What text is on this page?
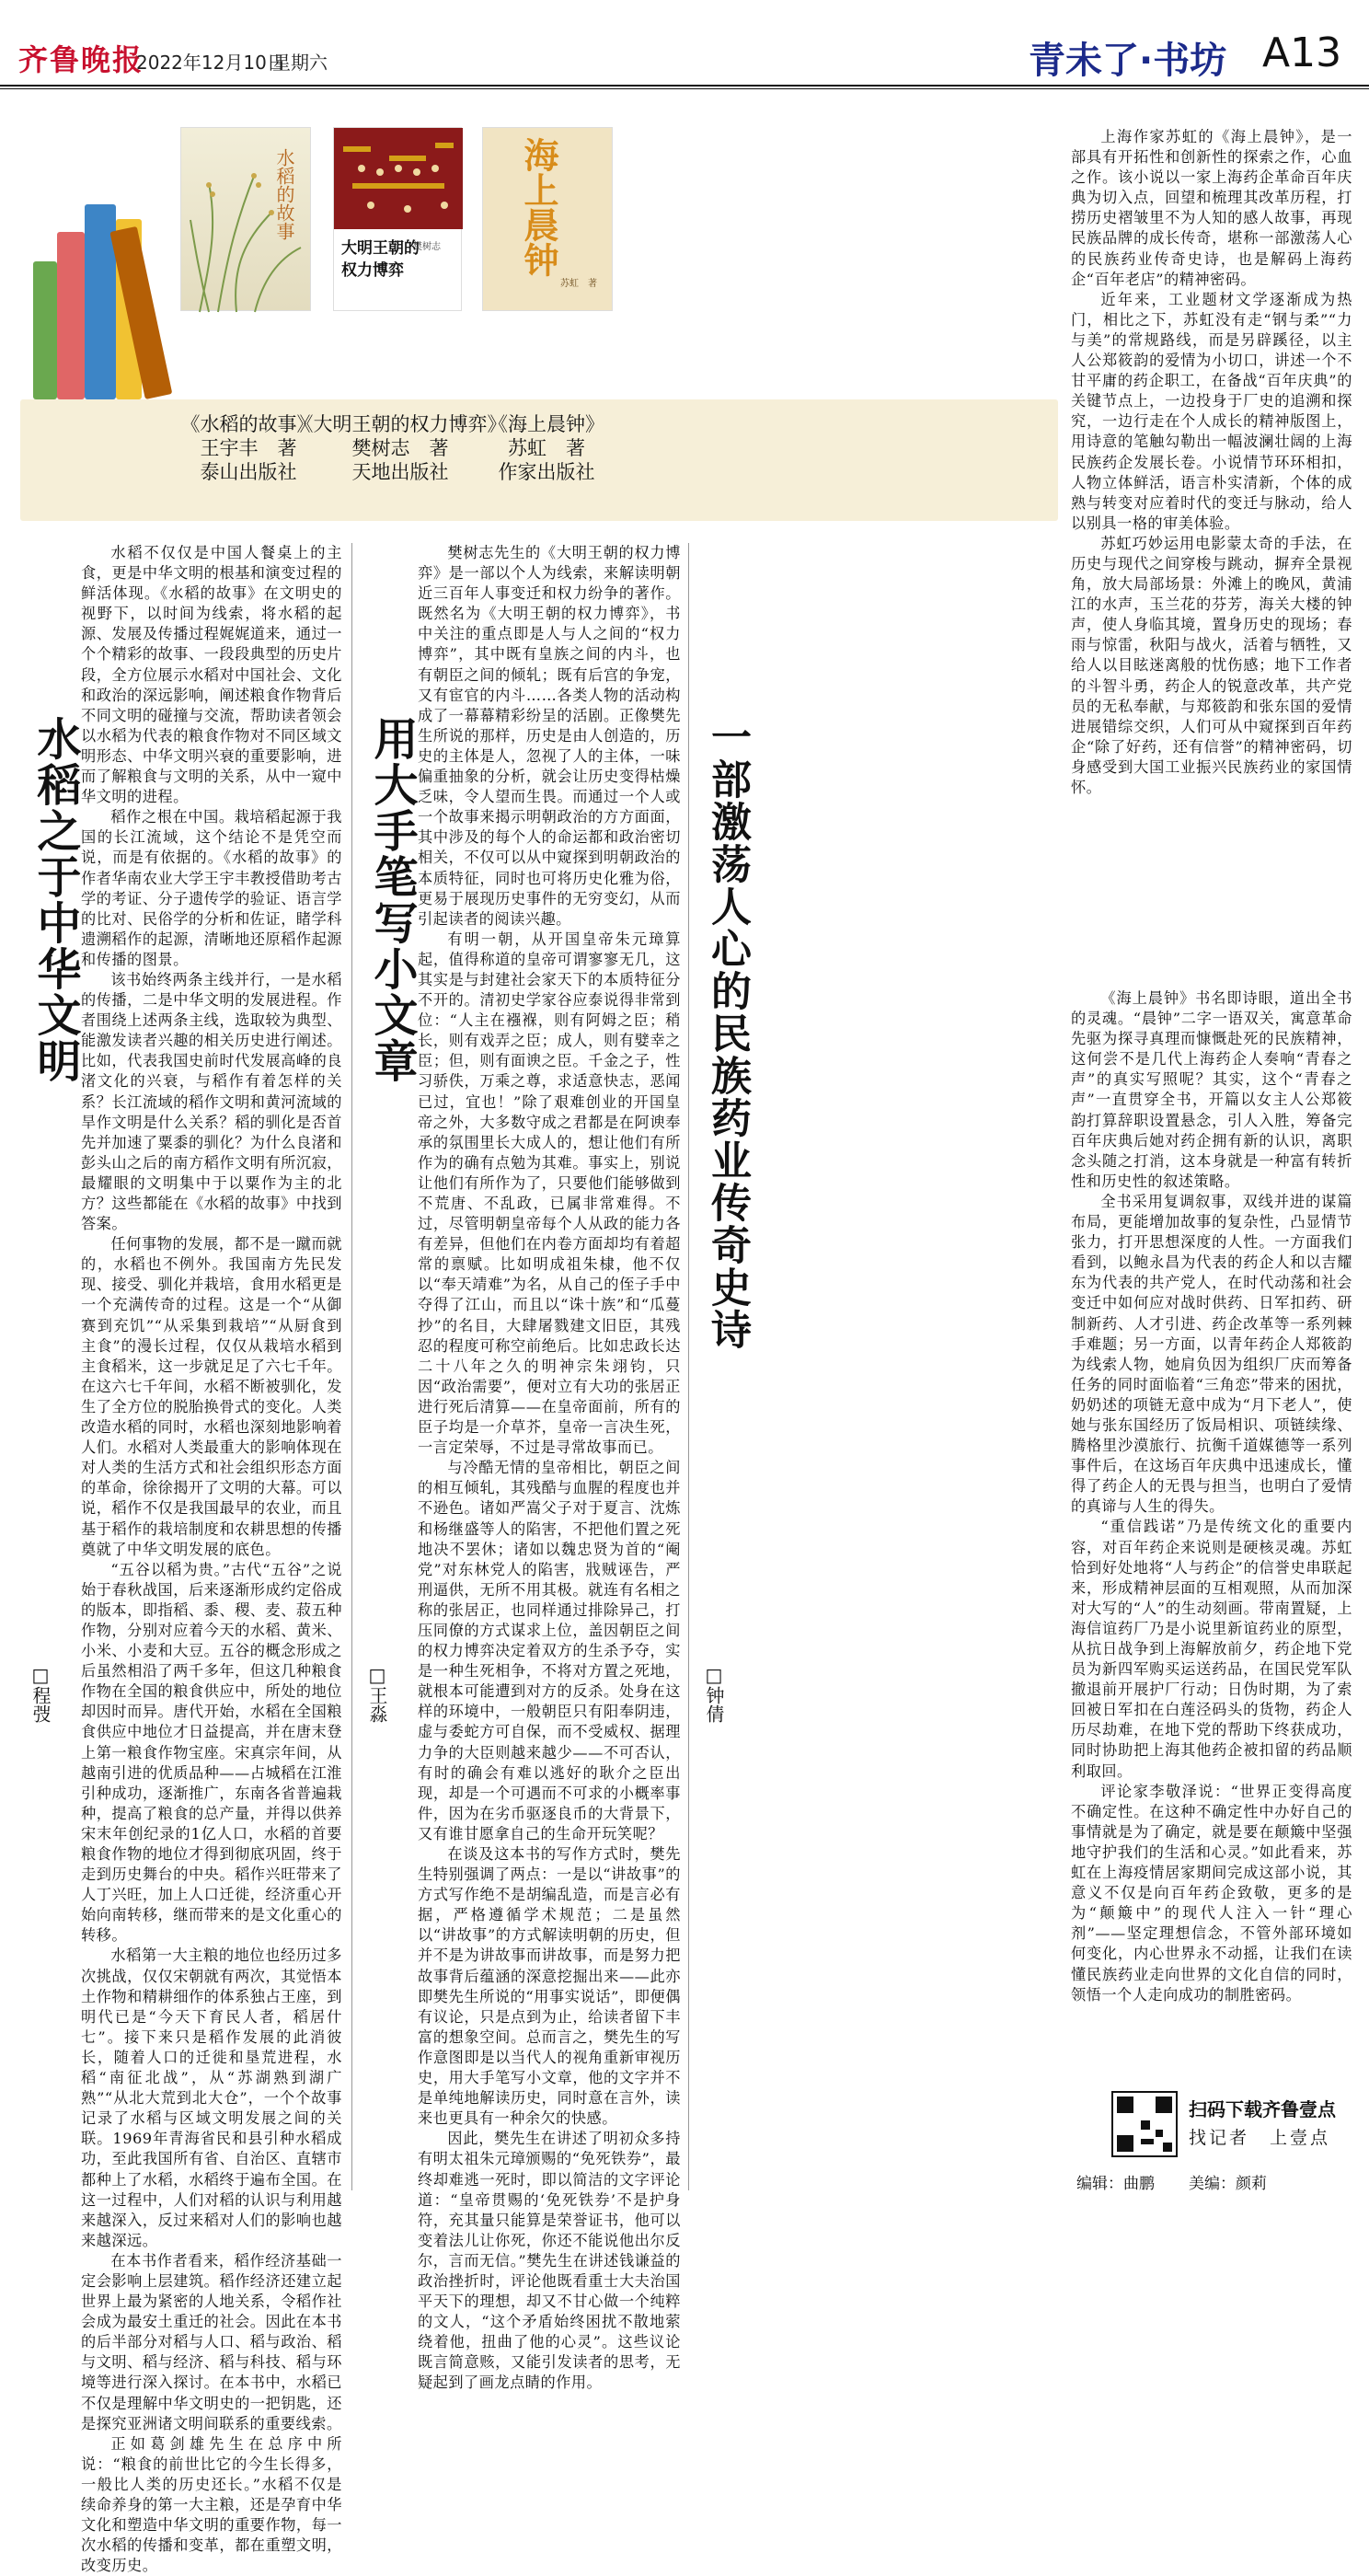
齐鲁晚报
2022年12月10日
星期六	青未了·书坊 A13
水稻的故事
大明王朝的
权力博弈
樊树志 海上晨钟
苏虹　著
《水稻的故事》
王宇丰　著
泰山出版社
《大明王朝的权力博弈》
樊树志　著
天地出版社
《海上晨钟》
苏虹　著
作家出版社
水稻之于中华文明
□程弢

水稻不仅仅是中国人餐桌上的主食，更是中华文明的根基和演变过程的鲜活体现。《水稻的故事》在文明史的视野下，以时间为线索，将水稻的起源、发展及传播过程娓娓道来，通过一个个精彩的故事、一段段典型的历史片段，全方位展示水稻对中国社会、文化和政治的深远影响，阐述粮食作物背后不同文明的碰撞与交流，帮助读者领会以水稻为代表的粮食作物对不同区域文明形态、中华文明兴衰的重要影响，进而了解粮食与文明的关系，从中一窥中华文明的进程。

稻作之根在中国。栽培稻起源于我国的长江流域，这个结论不是凭空而说，而是有依据的。《水稻的故事》的作者华南农业大学王宇丰教授借助考古学的考证、分子遗传学的验证、语言学的比对、民俗学的分析和佐证，睹学科遗溯稻作的起源，清晰地还原稻作起源和传播的图景。

该书始终两条主线并行，一是水稻的传播，二是中华文明的发展进程。作者围绕上述两条主线，选取较为典型、能激发读者兴趣的相关历史进行阐述。比如，代表我国史前时代发展高峰的良渚文化的兴衰，与稻作有着怎样的关系？长江流域的稻作文明和黄河流域的旱作文明是什么关系？稻的驯化是否首先并加速了粟黍的驯化？为什么良渚和彭头山之后的南方稻作文明有所沉寂，最耀眼的文明集中于以粟作为主的北方？这些都能在《水稻的故事》中找到答案。

任何事物的发展，都不是一蹴而就的，水稻也不例外。我国南方先民发现、接受、驯化并栽培，食用水稻更是一个充满传奇的过程。这是一个“从御赛到充饥”“从采集到栽培”“从厨食到主食”的漫长过程，仅仅从栽培水稻到主食稻米，这一步就足足了六七千年。在这六七千年间，水稻不断被驯化，发生了全方位的脱胎换骨式的变化。人类改造水稻的同时，水稻也深刻地影响着人们。水稻对人类最重大的影响体现在对人类的生活方式和社会组织形态方面的革命，徐徐揭开了文明的大幕。可以说，稻作不仅是我国最早的农业，而且基于稻作的栽培制度和农耕思想的传播奠就了中华文明发展的底色。

“五谷以稻为贵。”古代“五谷”之说始于春秋战国，后来逐渐形成约定俗成的版本，即指稻、黍、稷、麦、菽五种作物，分别对应着今天的水稻、黄米、小米、小麦和大豆。五谷的概念形成之后虽然相沿了两千多年，但这几种粮食作物在全国的粮食供应中，所处的地位却因时而异。唐代开始，水稻在全国粮食供应中地位才日益提高，并在唐末登上第一粮食作物宝座。宋真宗年间，从越南引进的优质品种——占城稻在江淮引种成功，逐渐推广，东南各省普遍栽种，提高了粮食的总产量，并得以供养宋末年创纪录的1亿人口，水稻的首要粮食作物的地位才得到彻底巩固，终于走到历史舞台的中央。稻作兴旺带来了人丁兴旺，加上人口迁徙，经济重心开始向南转移，继而带来的是文化重心的转移。

水稻第一大主粮的地位也经历过多次挑战，仅仅宋朝就有两次，其觉悟本土作物和精耕细作的体系独占王座，到明代已是“今天下育民人者，稻居什七”。接下来只是稻作发展的此消彼长，随着人口的迁徙和垦荒进程，水稻“南征北战”，从“苏湖熟到湖广熟”“从北大荒到北大仓”，一个个故事记录了水稻与区域文明发展之间的关联。1969年青海省民和县引种水稻成功，至此我国所有省、自治区、直辖市都种上了水稻，水稻终于遍布全国。在这一过程中，人们对稻的认识与利用越来越深入，反过来稻对人们的影响也越来越深远。

在本书作者看来，稻作经济基础一定会影响上层建筑。稻作经济还建立起世界上最为紧密的人地关系，令稻作社会成为最安土重迁的社会。因此在本书的后半部分对稻与人口、稻与政治、稻与文明、稻与经济、稻与科技、稻与环境等进行深入探讨。在本书中，水稻已不仅是理解中华文明史的一把钥匙，还是探究亚洲诸文明间联系的重要线索。

正如葛剑雄先生在总序中所说：“粮食的前世比它的今生长得多，一般比人类的历史还长。”水稻不仅是续命养身的第一大主粮，还是孕育中华文化和塑造中华文明的重要作物，每一次水稻的传播和变革，都在重塑文明，改变历史。

用大手笔写小文章
□王淼

樊树志先生的《大明王朝的权力博弈》是一部以个人为线索，来解读明朝近三百年人事变迁和权力纷争的著作。既然名为《大明王朝的权力博弈》，书中关注的重点即是人与人之间的“权力博弈”，其中既有皇族之间的内斗，也有朝臣之间的倾轧；既有后宫的争宠，又有宦官的内斗……各类人物的活动构成了一幕幕精彩纷呈的活剧。正像樊先生所说的那样，历史是由人创造的，历史的主体是人，忽视了人的主体，一味偏重抽象的分析，就会让历史变得枯燥乏味，令人望而生畏。而通过一个人或一个故事来揭示明朝政治的方方面面，其中涉及的每个人的命运都和政治密切相关，不仅可以从中窥探到明朝政治的本质特征，同时也可将历史化雅为俗，更易于展现历史事件的无穷变幻，从而引起读者的阅读兴趣。

有明一朝，从开国皇帝朱元璋算起，值得称道的皇帝可谓寥寥无几，这其实是与封建社会家天下的本质特征分不开的。清初史学家谷应泰说得非常到位：“人主在襁褓，则有阿姆之臣；稍长，则有戏弄之臣；成人，则有嬖幸之臣；但，则有面谀之臣。千金之子，性习骄佚，万乘之尊，求适意快志，恶闻已过，宜也！”除了艰难创业的开国皇帝之外，大多数守成之君都是在阿谀奉承的氛围里长大成人的，想让他们有所作为的确有点勉为其难。事实上，别说让他们有所作为了，只要他们能够做到不荒唐、不乱政，已属非常难得。不过，尽管明朝皇帝每个人从政的能力各有差异，但他们在内卷方面却均有着超常的禀赋。比如明成祖朱棣，他不仅以“奉天靖难”为名，从自己的侄子手中夺得了江山，而且以“诛十族”和“瓜蔓抄”的名目，大肆屠戮建文旧臣，其残忍的程度可称空前绝后。比如忠政长达二十八年之久的明神宗朱翊钧，只因“政治需要”，便对立有大功的张居正进行死后清算——在皇帝面前，所有的臣子均是一介草芥，皇帝一言决生死，一言定荣辱，不过是寻常故事而已。

与冷酷无情的皇帝相比，朝臣之间的相互倾轧，其残酷与血腥的程度也并不逊色。诸如严嵩父子对于夏言、沈炼和杨继盛等人的陷害，不把他们置之死地决不罢休；诸如以魏忠贤为首的“阉党”对东林党人的陷害，戕贼诬告，严刑逼供，无所不用其极。就连有名相之称的张居正，也同样通过排除异己，打压同僚的方式谋求上位，盖因朝臣之间的权力博弈决定着双方的生杀予夺，实是一种生死相争，不将对方置之死地，就根本可能遭到对方的反杀。处身在这样的环境中，一般朝臣只有阳奉阴违，虚与委蛇方可自保，而不受威权、据理力争的大臣则越来越少——不可否认，有时的确会有难以逃好的耿介之臣出现，却是一个可遇而不可求的小概率事件，因为在劣币驱逐良币的大背景下，又有谁甘愿拿自己的生命开玩笑呢？

在谈及这本书的写作方式时，樊先生特别强调了两点：一是以“讲故事”的方式写作绝不是胡编乱造，而是言必有据，严格遵循学术规范；二是虽然以“讲故事”的方式解读明朝的历史，但并不是为讲故事而讲故事，而是努力把故事背后蕴涵的深意挖掘出来——此亦即樊先生所说的“用事实说话”，即便偶有议论，只是点到为止，给读者留下丰富的想象空间。总而言之，樊先生的写作意图即是以当代人的视角重新审视历史，用大手笔写小文章，他的文字并不是单纯地解读历史，同时意在言外，读来也更具有一种余欠的快感。

因此，樊先生在讲述了明初众多持有明太祖朱元璋颁赐的“免死铁券”，最终却难逃一死时，即以简洁的文字评论道：“皇帝贯赐的‘免死铁券’不是护身符，充其量只能算是荣誉证书，他可以变着法儿让你死，你还不能说他出尔反尔，言而无信。”樊先生在讲述钱谦益的政治挫折时，评论他既看重士大夫治国平天下的理想，却又不甘心做一个纯粹的文人，“这个矛盾始终困扰不散地萦绕着他，扭曲了他的心灵”。这些议论既言简意赅，又能引发读者的思考，无疑起到了画龙点睛的作用。

一部激荡人心的民族药业传奇史诗
□钟倩

上海作家苏虹的《海上晨钟》，是一部具有开拓性和创新性的探索之作，心血之作。该小说以一家上海药企革命百年庆典为切入点，回望和梳理其改革历程，打捞历史褶皱里不为人知的感人故事，再现民族品牌的成长传奇，堪称一部激荡人心的民族药业传奇史诗，也是解码上海药企“百年老店”的精神密码。

近年来，工业题材文学逐渐成为热门，相比之下，苏虹没有走“钢与柔”“力与美”的常规路线，而是另辟蹊径，以主人公郑筱韵的爱情为小切口，讲述一个不甘平庸的药企职工，在备战“百年庆典”的关键节点上，一边投身于厂史的追溯和探究，一边行走在个人成长的精神版图上，用诗意的笔触勾勒出一幅波澜壮阔的上海民族药企发展长卷。小说情节环环相扣，人物立体鲜活，语言朴实清新，个体的成熟与转变对应着时代的变迁与脉动，给人以别具一格的审美体验。

苏虹巧妙运用电影蒙太奇的手法，在历史与现代之间穿梭与跳动，摒弃全景视角，放大局部场景：外滩上的晚风，黄浦江的水声，玉兰花的芬芳，海关大楼的钟声，使人身临其境，置身历史的现场；春雨与惊雷，秋阳与战火，活着与牺牲，又给人以目眩迷离般的忧伤感；地下工作者的斗智斗勇，药企人的锐意改革，共产党员的无私奉献，与郑筱韵和张东国的爱情进展错综交织，人们可从中窥探到百年药企“除了好药，还有信誉”的精神密码，切身感受到大国工业振兴民族药业的家国情怀。

《海上晨钟》书名即诗眼，道出全书的灵魂。“晨钟”二字一语双关，寓意革命先驱为探寻真理而慷慨赴死的民族精神，这何尝不是几代上海药企人奏响“青春之声”的真实写照呢？其实，这个“青春之声”一直贯穿全书，开篇以女主人公郑筱韵打算辞职设置悬念，引人入胜，筹备完百年庆典后她对药企拥有新的认识，离职念头随之打消，这本身就是一种富有转折性和历史性的叙述策略。

全书采用复调叙事，双线并进的谋篇布局，更能增加故事的复杂性，凸显情节张力，打开思想深度的人性。一方面我们看到，以鲍永昌为代表的药企人和以吉耀东为代表的共产党人，在时代动荡和社会变迁中如何应对战时供药、日军扣药、研制新药、人才引进、药企改革等一系列棘手难题；另一方面，以青年药企人郑筱韵为线索人物，她肩负因为组织厂庆而筹备任务的同时面临着“三角恋”带来的困扰，奶奶述的项链无意中成为“月下老人”，使她与张东国经历了饭局相识、项链续缘、腾格里沙漠旅行、抗衡千道媒德等一系列事件后，在这场百年庆典中迅速成长，懂得了药企人的无畏与担当，也明白了爱情的真谛与人生的得失。

“重信践诺”乃是传统文化的重要内容，对百年药企来说则是硬核灵魂。苏虹恰到好处地将“人与药企”的信誉史串联起来，形成精神层面的互相观照，从而加深对大写的“人”的生动刻画。带南置疑，上海信谊药厂乃是小说里新谊药业的原型，从抗日战争到上海解放前夕，药企地下党员为新四军购买运送药品，在国民党军队撤退前开展护厂行动；日伪时期，为了索回被日军扣在白莲泾码头的货物，药企人历尽劫难，在地下党的帮助下终获成功，同时协助把上海其他药企被扣留的药品顺利取回。

评论家李敬泽说：“世界正变得高度不确定性。在这种不确定性中办好自己的事情就是为了确定，就是要在颠簸中坚强地守护我们的生活和心灵。”如此看来，苏虹在上海疫情居家期间完成这部小说，其意义不仅是向百年药企致敬，更多的是为“颠簸中”的现代人注入一针“理心剂”——坚定理想信念，不管外部环境如何变化，内心世界永不动摇，让我们在读懂民族药业走向世界的文化自信的同时，领悟一个人走向成功的制胜密码。

扫码下载齐鲁壹点
找记者　上壹点
编辑：曲鹏 美编：颜莉
